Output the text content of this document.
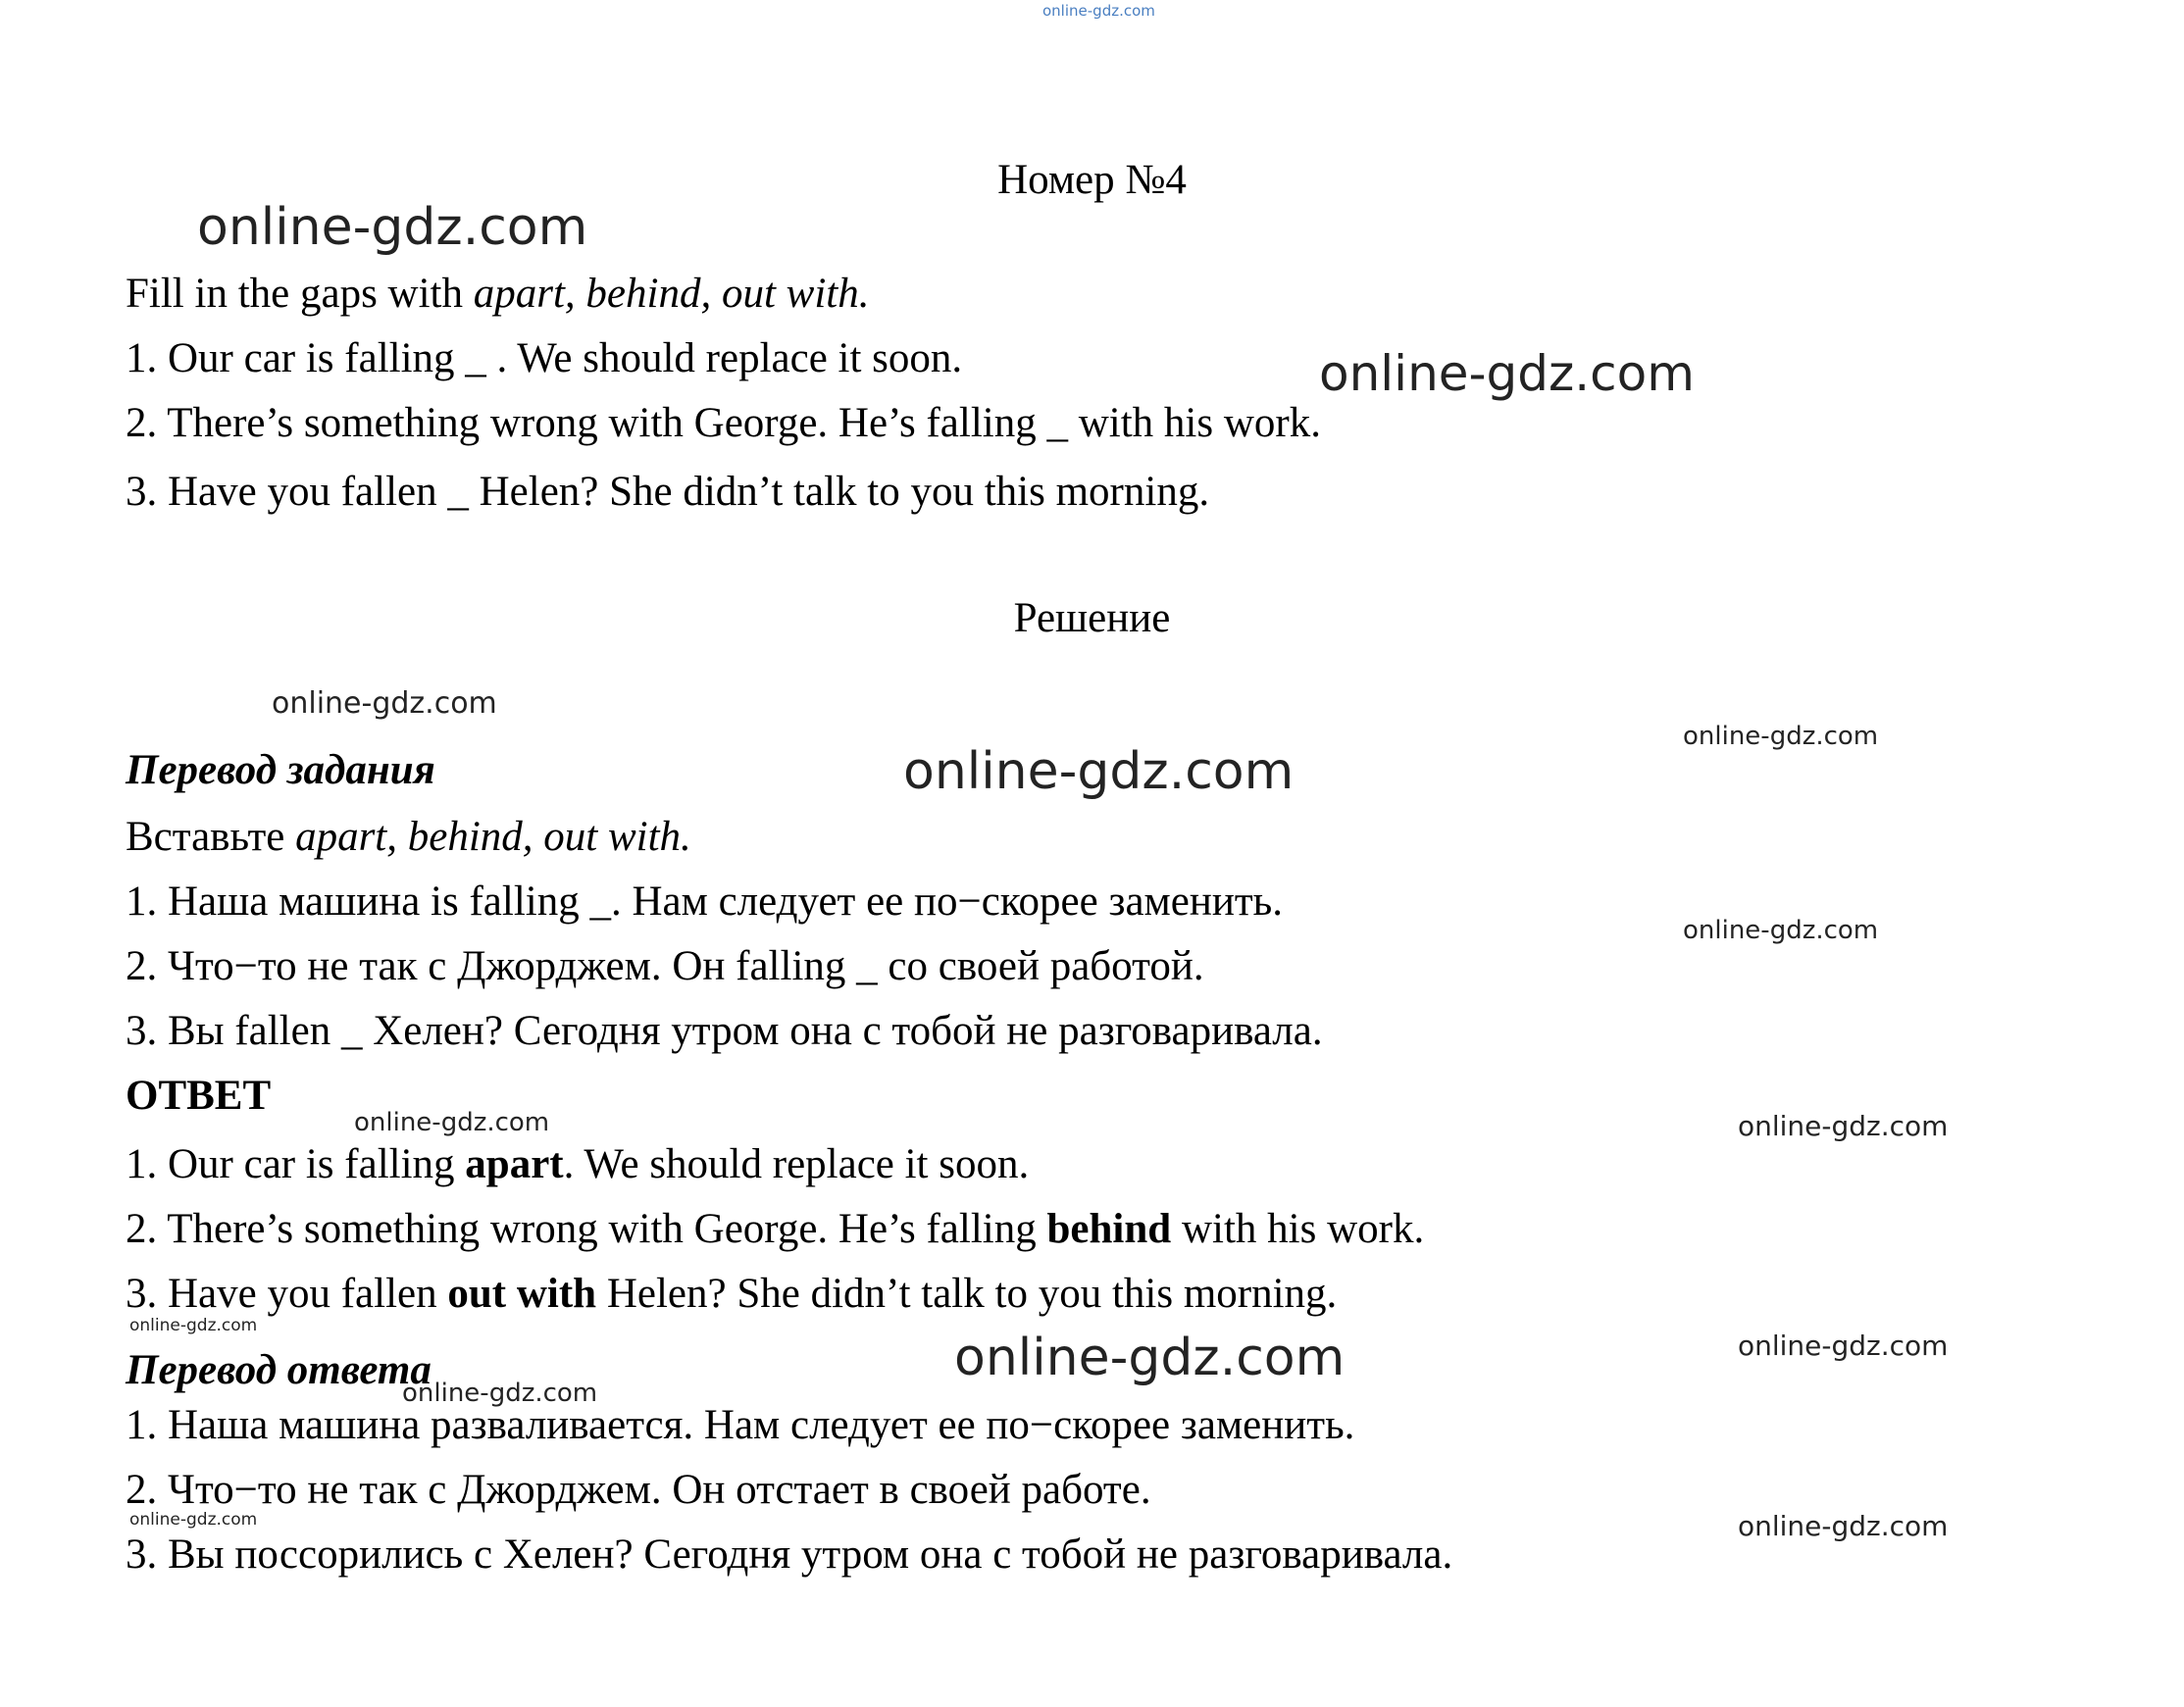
online-gdz.com
Номер №4
online-gdz.com
Fill in the gaps with apart, behind, out with.
1. Our car is falling _ . We should replace it soon.	online-gdz.com
2. There’s something wrong with George. He’s falling _ with his work.
3. Have you fallen _ Helen? She didn’t talk to you this morning.
Решение
online-gdz.com
online-gdz.com
online-gdz.com
Перевод задания
Вставьте apart, behind, out with.
1. Наша машина is falling _. Нам следует ее по−скорее заменить.
online-gdz.com
2. Что−то не так с Джорджем. Он falling _ со своей работой.
3. Вы fallen _ Хелен? Сегодня утром она с тобой не разговаривала.
ОТВЕТ
online-gdz.com	online-gdz.com
1. Our car is falling apart. We should replace it soon.
2. There’s something wrong with George. He’s falling behind with his work.
3. Have you fallen out with Helen? She didn’t talk to you this morning.
online-gdz.com
online-gdz.com	online-gdz.com
Перевод ответа
online-gdz.com
1. Наша машина разваливается. Нам следует ее по−скорее заменить.
2. Что−то не так с Джорджем. Он отстает в своей работе.
online-gdz.com	online-gdz.com
3. Вы поссорились с Хелен? Сегодня утром она с тобой не разговаривала.
